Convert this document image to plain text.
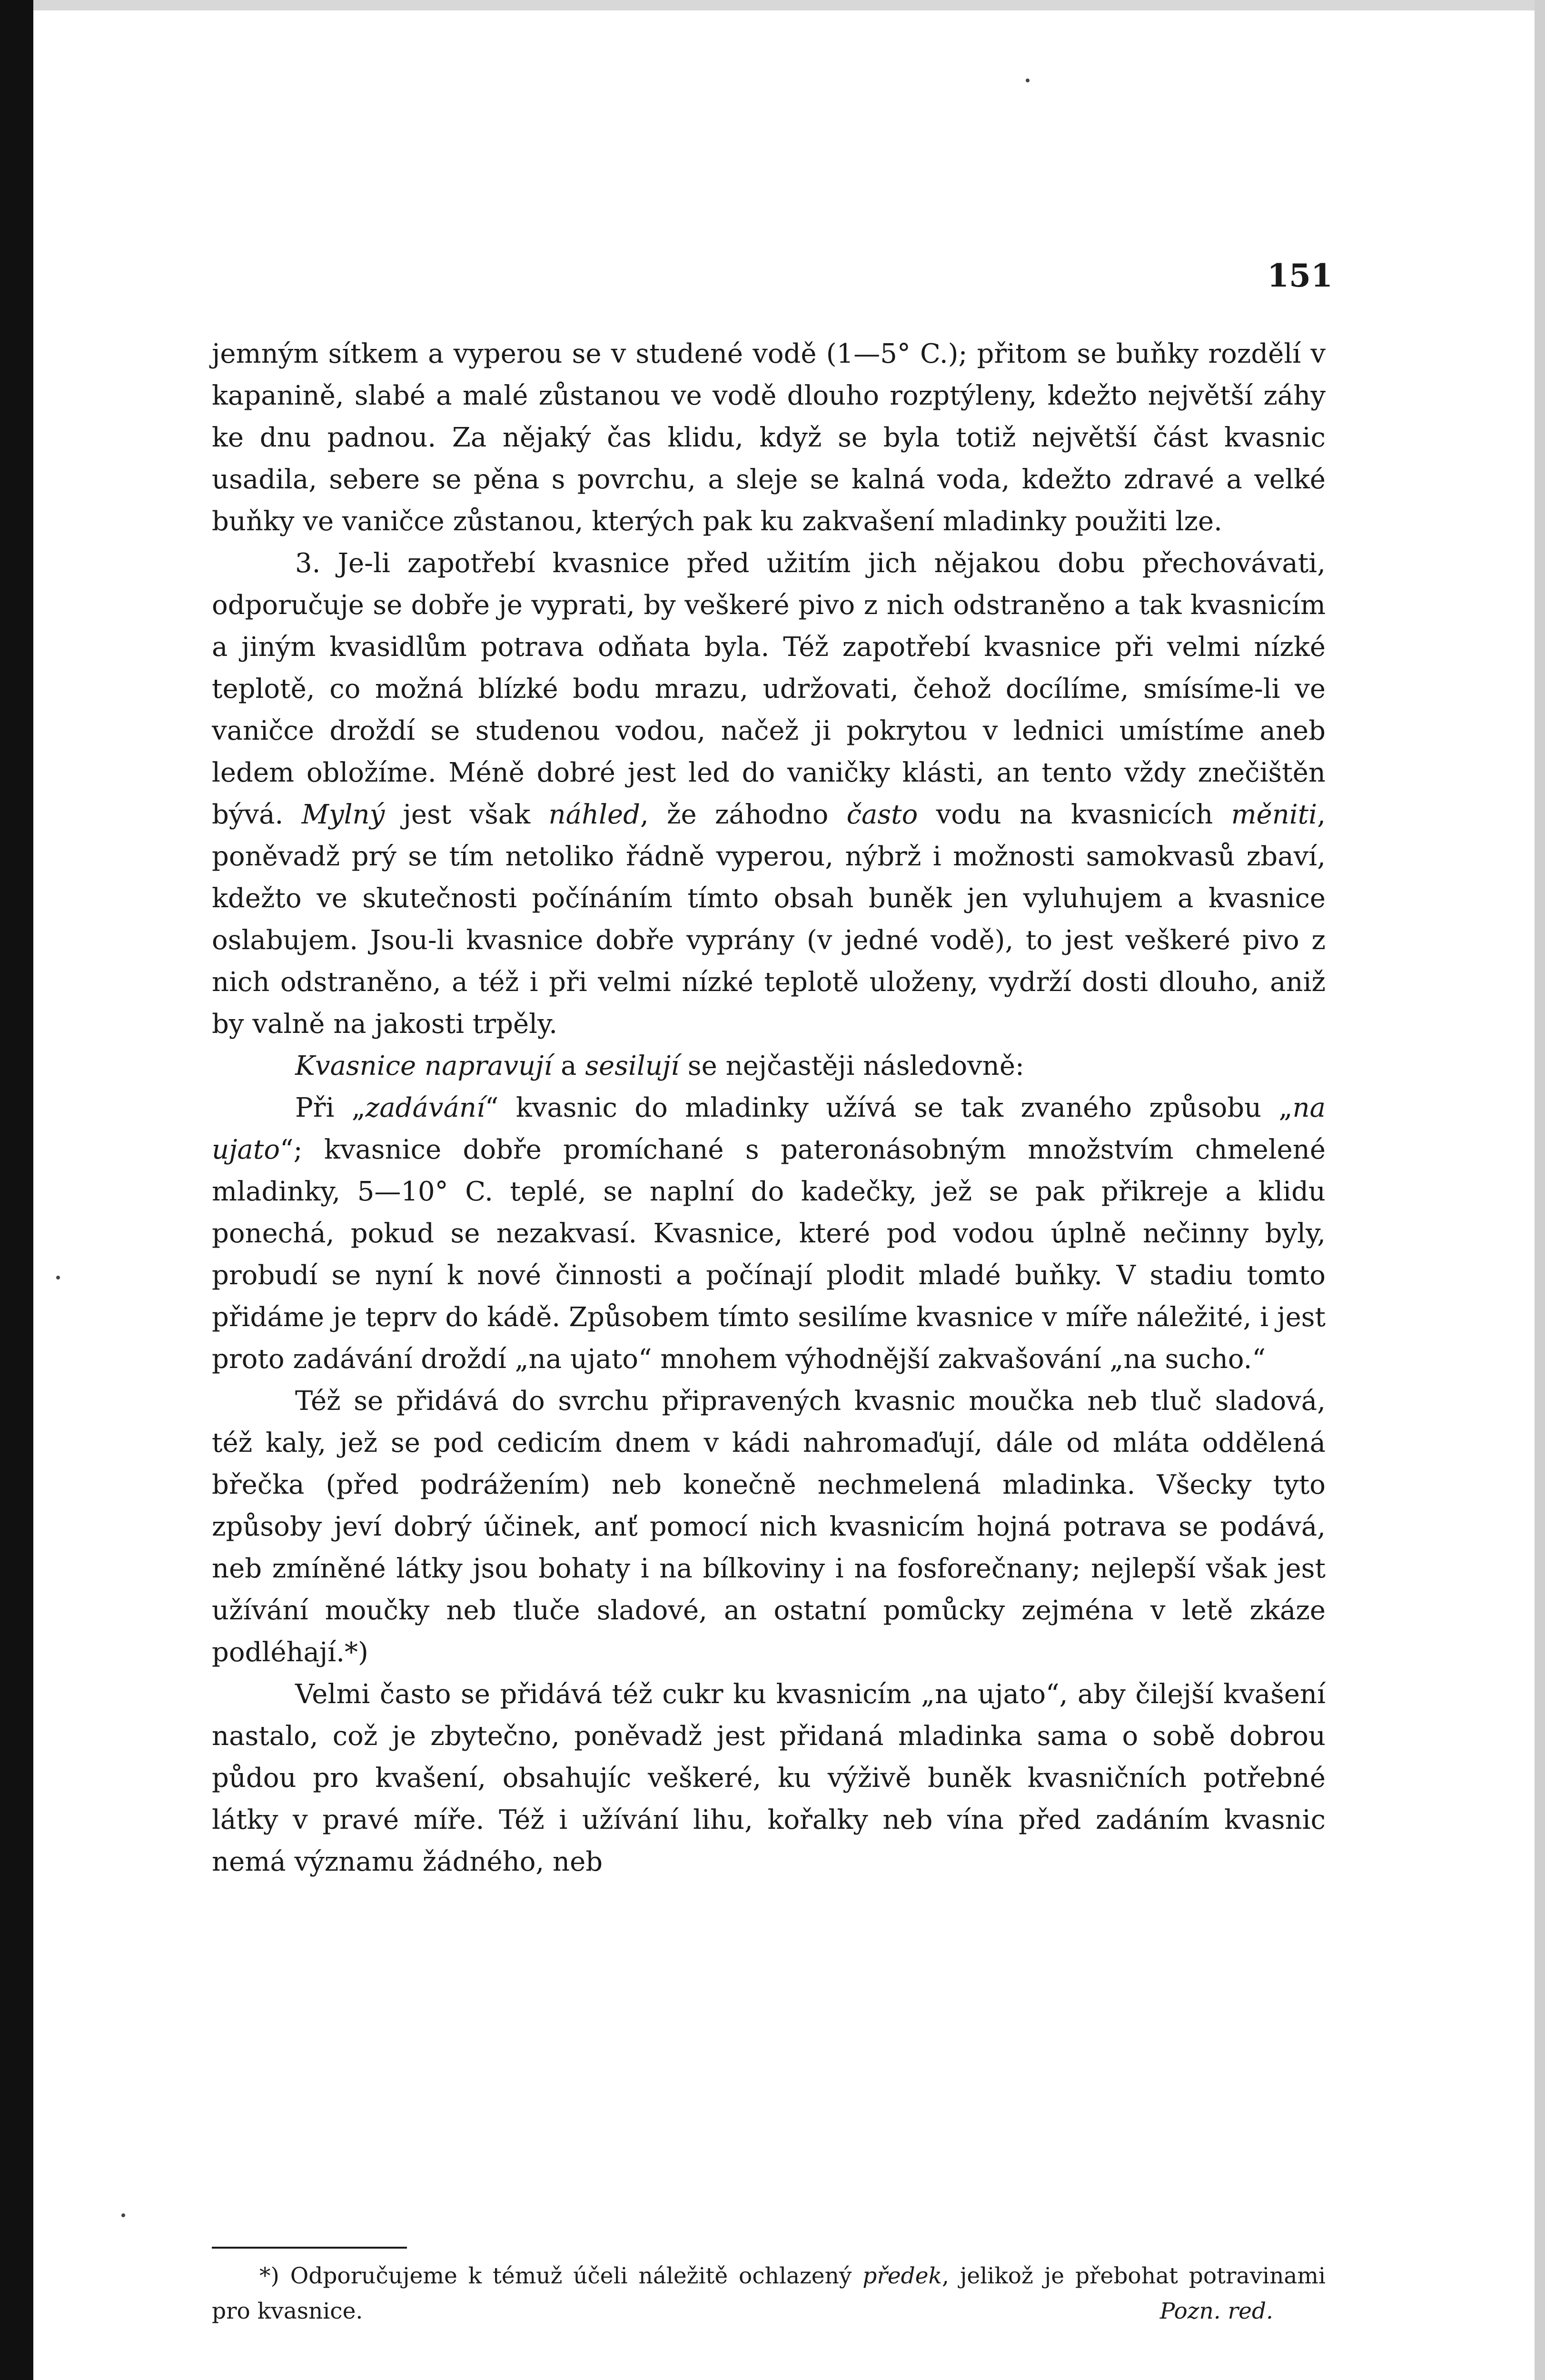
151

jemným sítkem a vyperou se v studené vodě (1—5° C.); přitom se buňky rozdělí v kapanině, slabé a malé zůstanou ve vodě dlouho rozptýleny, kdežto největší záhy ke dnu padnou. Za nějaký čas klidu, když se byla totiž největší část kvasnic usadila, sebere se pěna s povrchu, a sleje se kalná voda, kdežto zdravé a velké buňky ve vaničce zůstanou, kterých pak ku zakvašení mladinky použiti lze.

3. Je-li zapotřebí kvasnice před užitím jich nějakou dobu přechovávati, odporučuje se dobře je vyprati, by veškeré pivo z nich odstraněno a tak kvasnicím a jiným kvasidlům potrava odňata byla. Též zapotřebí kvasnice při velmi nízké teplotě, co možná blízké bodu mrazu, udržovati, čehož docílíme, smísíme-li ve vaničce droždí se studenou vodou, načež ji pokrytou v lednici umístíme aneb ledem obložíme. Méně dobré jest led do vaničky klásti, an tento vždy znečištěn bývá. Mylný jest však náhled, že záhodno často vodu na kvasnicích měniti, poněvadž prý se tím netoliko řádně vyperou, nýbrž i možnosti samokvasů zbaví, kdežto ve skutečnosti počínáním tímto obsah buněk jen vyluhujem a kvasnice oslabujem. Jsou-li kvasnice dobře vyprány (v jedné vodě), to jest veškeré pivo z nich odstraněno, a též i při velmi nízké teplotě uloženy, vydrží dosti dlouho, aniž by valně na jakosti trpěly.

Kvasnice napravují a sesilují se nejčastěji následovně:

Při „zadávání“ kvasnic do mladinky užívá se tak zvaného způsobu „na ujato“; kvasnice dobře promíchané s pateronásobným množstvím chmelené mladinky, 5—10° C. teplé, se naplní do kadečky, jež se pak přikreje a klidu ponechá, pokud se nezakvasí. Kvasnice, které pod vodou úplně nečinny byly, probudí se nyní k nové činnosti a počínají plodit mladé buňky. V stadiu tomto přidáme je teprv do kádě. Způsobem tímto sesilíme kvasnice v míře náležité, i jest proto zadávání droždí „na ujato“ mnohem výhodnější zakvašování „na sucho.“

Též se přidává do svrchu připravených kvasnic moučka neb tluč sladová, též kaly, jež se pod cedicím dnem v kádi nahromaďují, dále od mláta oddělená břečka (před podrážením) neb konečně nechmelená mladinka. Všecky tyto způsoby jeví dobrý účinek, anť pomocí nich kvasnicím hojná potrava se podává, neb zmíněné látky jsou bohaty i na bílkoviny i na fosforečnany; nejlepší však jest užívání moučky neb tluče sladové, an ostatní pomůcky zejména v letě zkáze podléhají.*)

Velmi často se přidává též cukr ku kvasnicím „na ujato“, aby čilejší kvašení nastalo, což je zbytečno, poněvadž jest přidaná mladinka sama o sobě dobrou půdou pro kvašení, obsahujíc veškeré, ku výživě buněk kvasničních potřebné látky v pravé míře. Též i užívání lihu, kořalky neb vína před zadáním kvasnic nemá významu žádného, neb

*) Odporučujeme k témuž účeli náležitě ochlazený předek, jelikož je přebohat potravinami pro kvasnice.	Pozn. red.
